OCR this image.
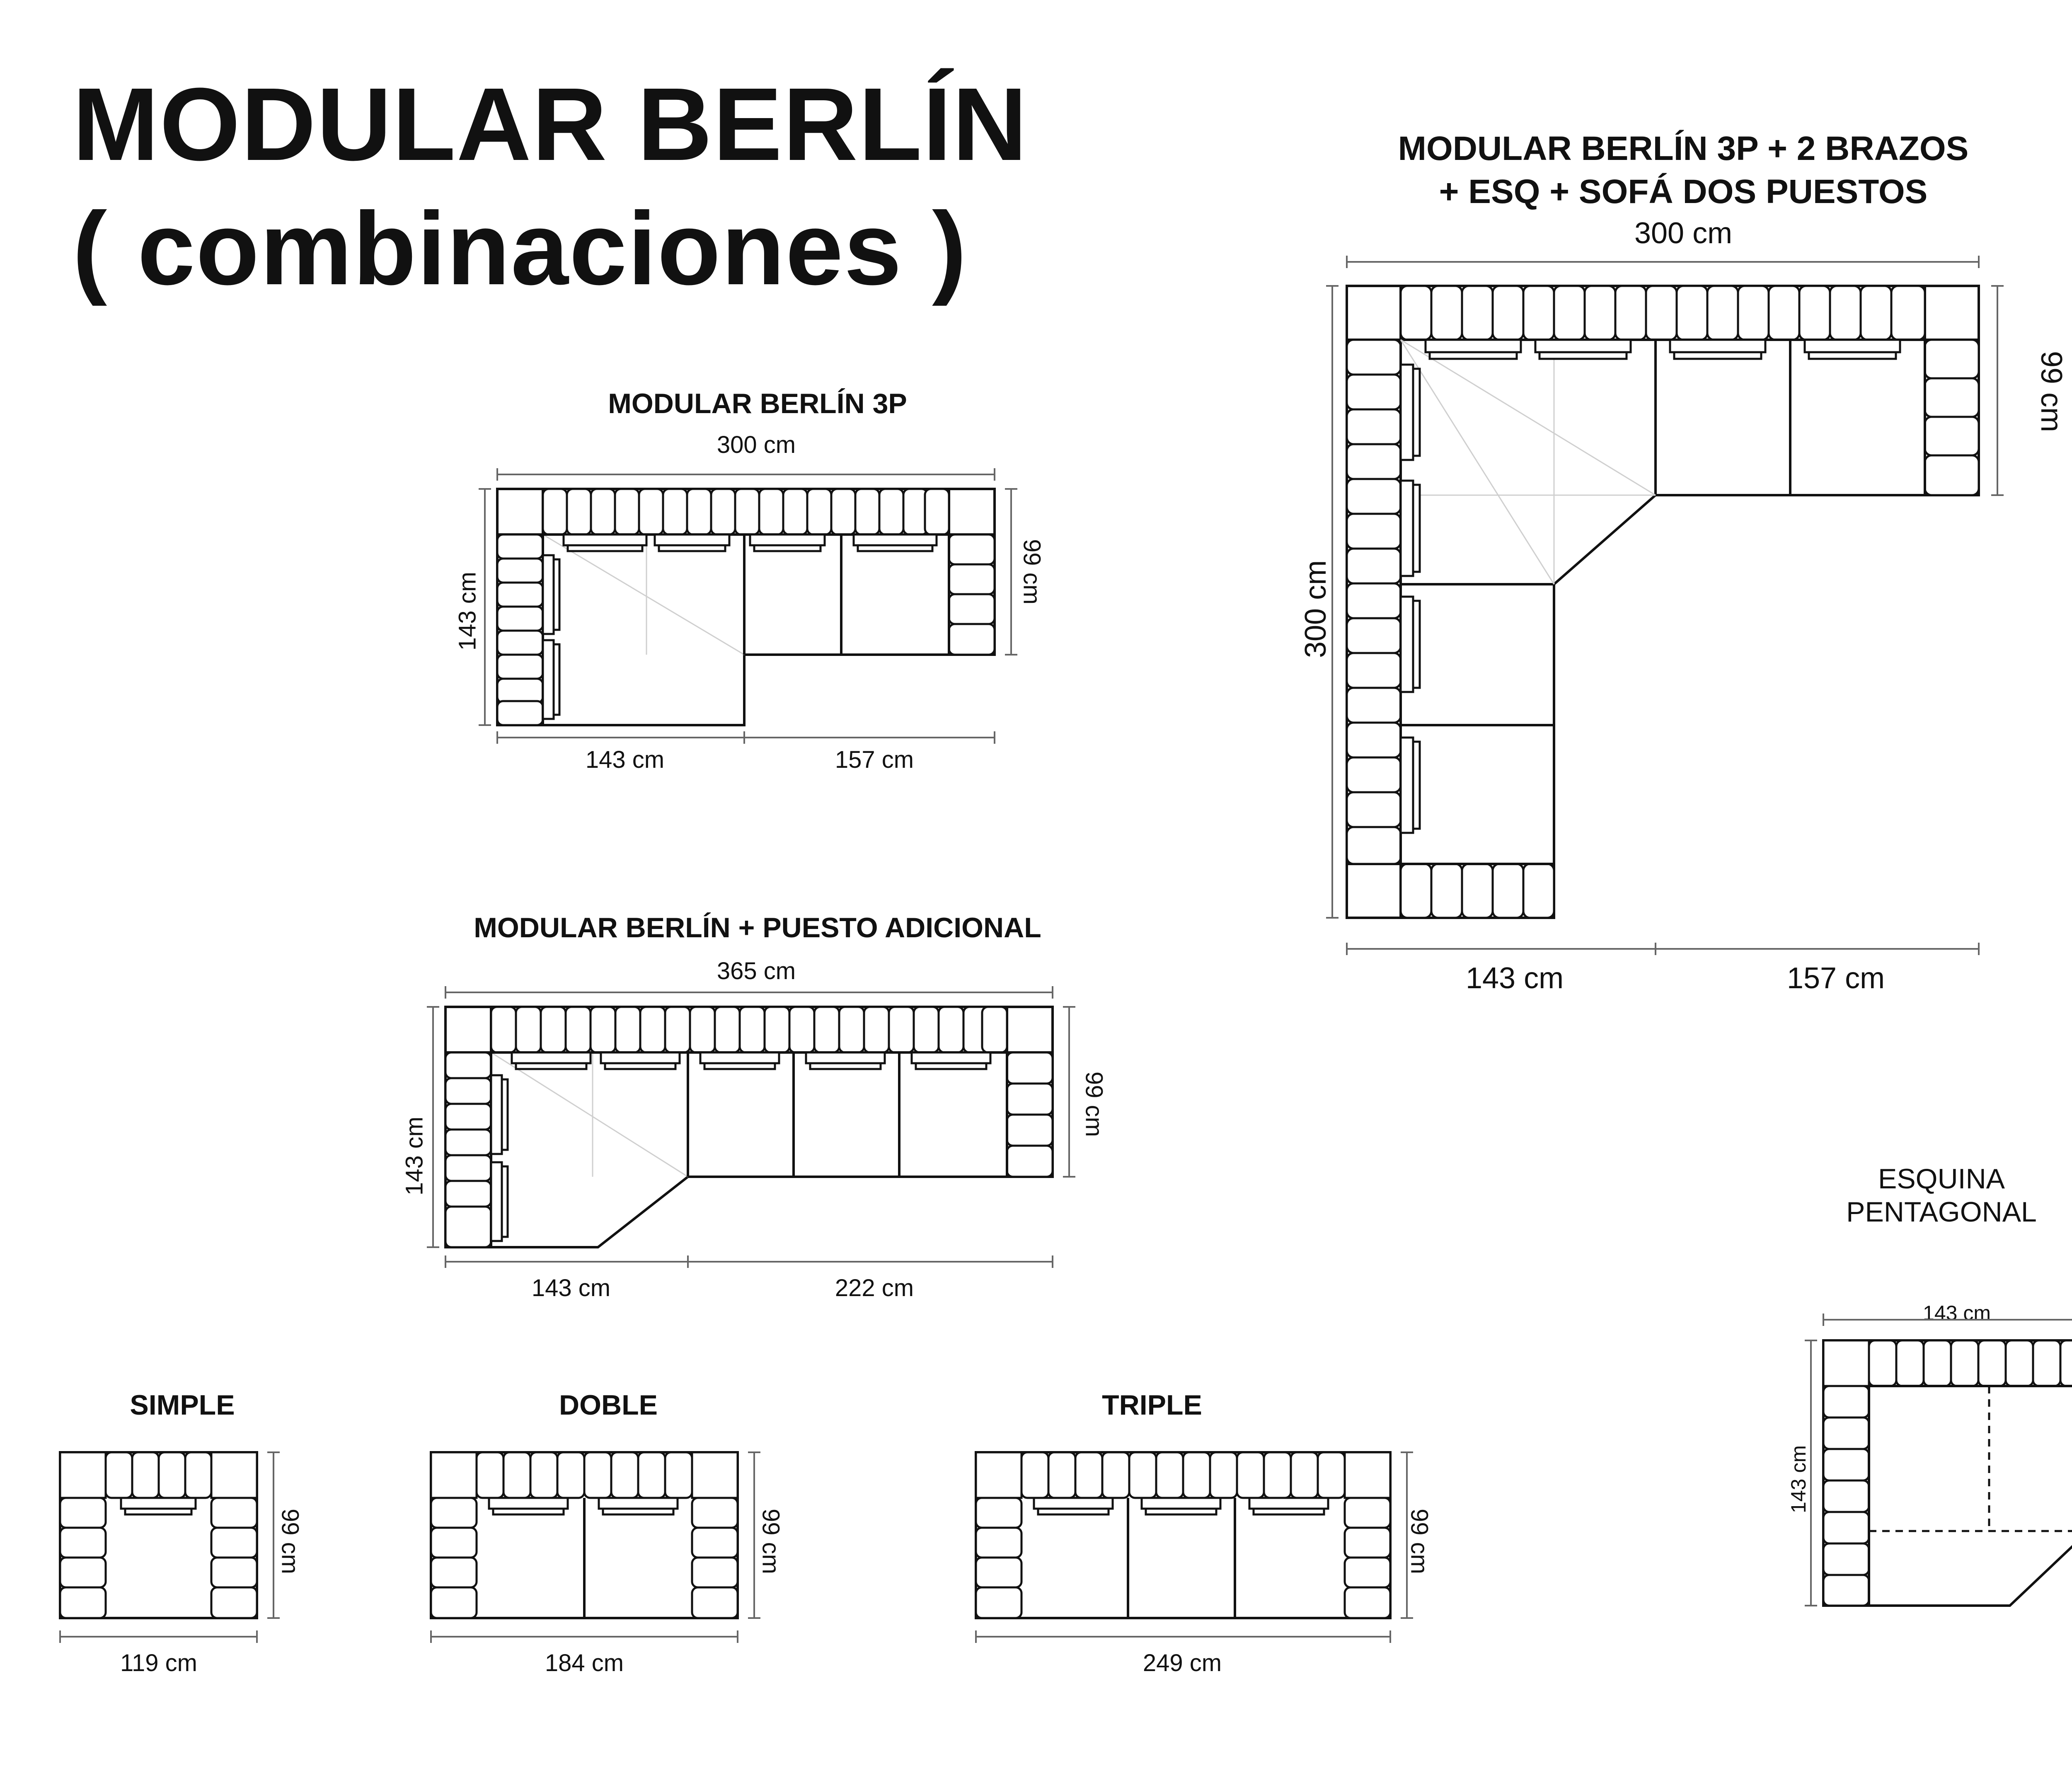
MODULAR BERLÍN
( combinaciones )
MODULAR BERLÍN 3P
300 cm
143 cm	99 cm
143 cm	157 cm
MODULAR BERLÍN + PUESTO ADICIONAL
365 cm
143 cm
99 cm
143 cm	222 cm
MODULAR BERLÍN 3P + 2 BRAZOS
+ ESQ + SOFÁ DOS PUESTOS
300 cm
300 cm
99 cm
143 cm	157 cm
SIMPLE
119 cm
99 cm
DOBLE
184 cm
99 cm
TRIPLE
249 cm
99 cm
ESQUINA
PENTAGONAL
143 cm
143 cm
